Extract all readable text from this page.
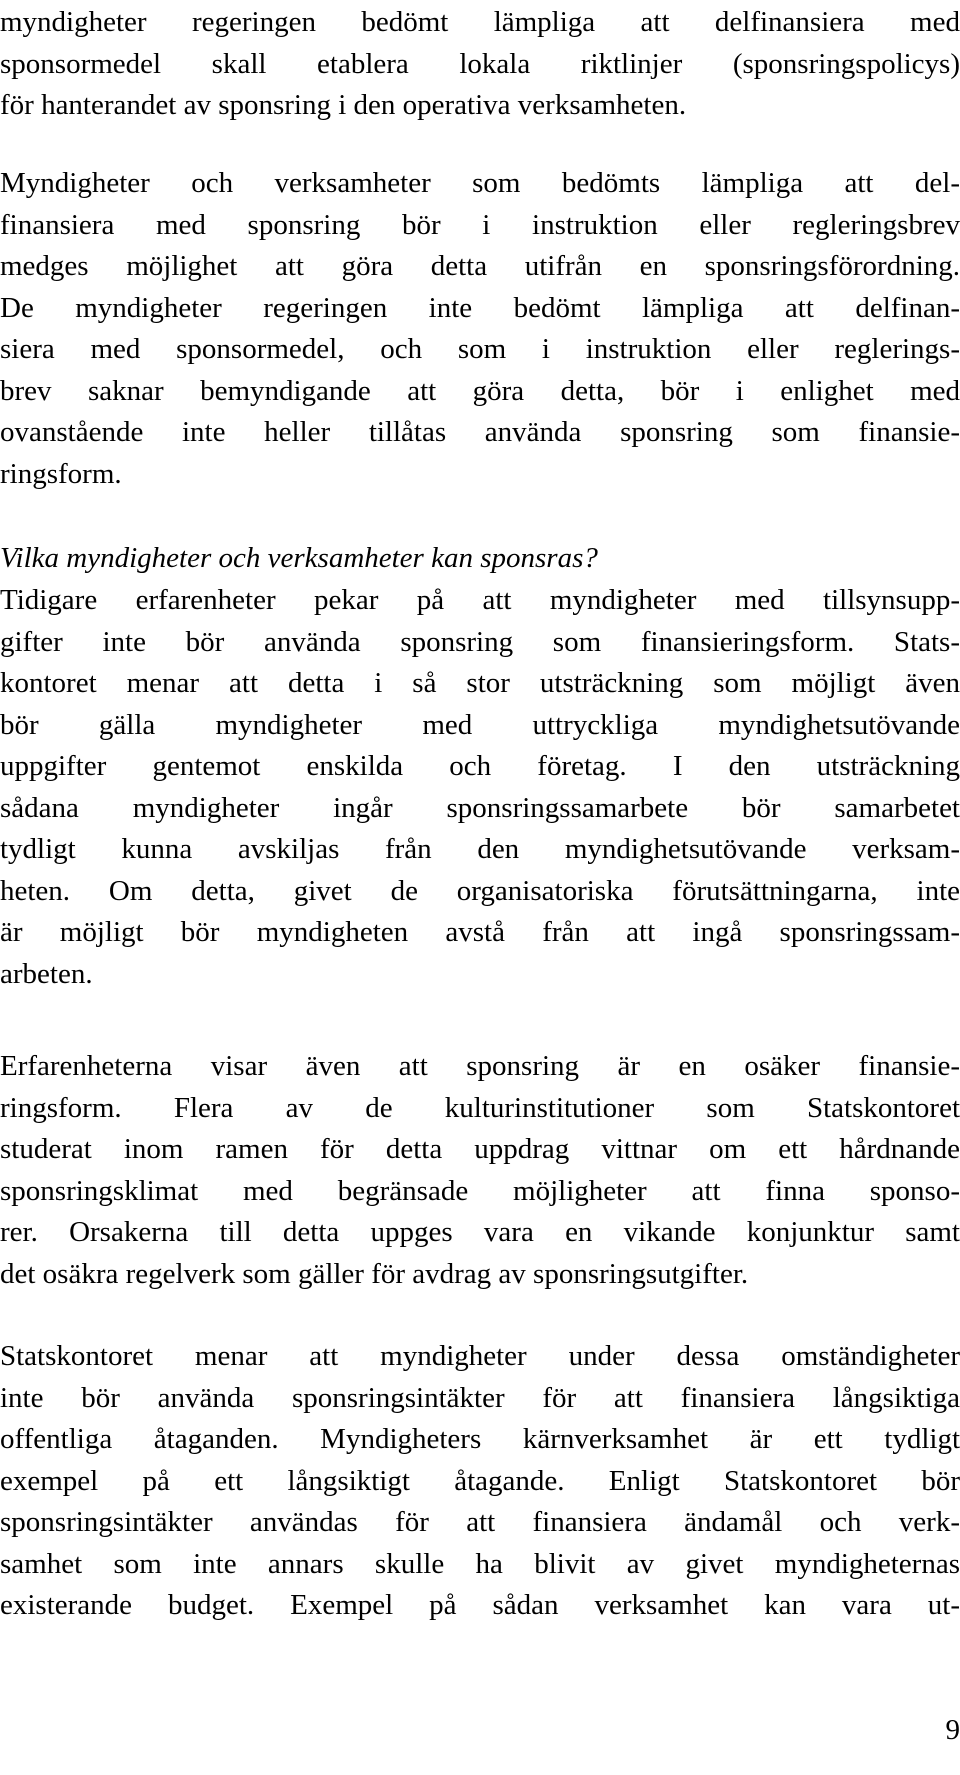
myndigheter regeringen bedömt lämpliga att delfinansiera med
sponsormedel skall etablera lokala riktlinjer (sponsringspolicys)
för hanterandet av sponsring i den operativa verksamheten.
Myndigheter och verksamheter som bedömts lämpliga att del-
finansiera med sponsring bör i instruktion eller regleringsbrev
medges möjlighet att göra detta utifrån en sponsringsförordning.
De myndigheter regeringen inte bedömt lämpliga att delfinan-
siera med sponsormedel, och som i instruktion eller reglerings-
brev saknar bemyndigande att göra detta, bör i enlighet med
ovanstående inte heller tillåtas använda sponsring som finansie-
ringsform.
Vilka myndigheter och verksamheter kan sponsras?
Tidigare erfarenheter pekar på att myndigheter med tillsynsupp-
gifter inte bör använda sponsring som finansieringsform. Stats-
kontoret menar att detta i så stor utsträckning som möjligt även
bör gälla myndigheter med uttryckliga myndighetsutövande
uppgifter gentemot enskilda och företag. I den utsträckning
sådana myndigheter ingår sponsringssamarbete bör samarbetet
tydligt kunna avskiljas från den myndighetsutövande verksam-
heten. Om detta, givet de organisatoriska förutsättningarna, inte
är möjligt bör myndigheten avstå från att ingå sponsringssam-
arbeten.
Erfarenheterna visar även att sponsring är en osäker finansie-
ringsform. Flera av de kulturinstitutioner som Statskontoret
studerat inom ramen för detta uppdrag vittnar om ett hårdnande
sponsringsklimat med begränsade möjligheter att finna sponso-
rer. Orsakerna till detta uppges vara en vikande konjunktur samt
det osäkra regelverk som gäller för avdrag av sponsringsutgifter.
Statskontoret menar att myndigheter under dessa omständigheter
inte bör använda sponsringsintäkter för att finansiera långsiktiga
offentliga åtaganden. Myndigheters kärnverksamhet är ett tydligt
exempel på ett långsiktigt åtagande. Enligt Statskontoret bör
sponsringsintäkter användas för att finansiera ändamål och verk-
samhet som inte annars skulle ha blivit av givet myndigheternas
existerande budget. Exempel på sådan verksamhet kan vara ut-
9
